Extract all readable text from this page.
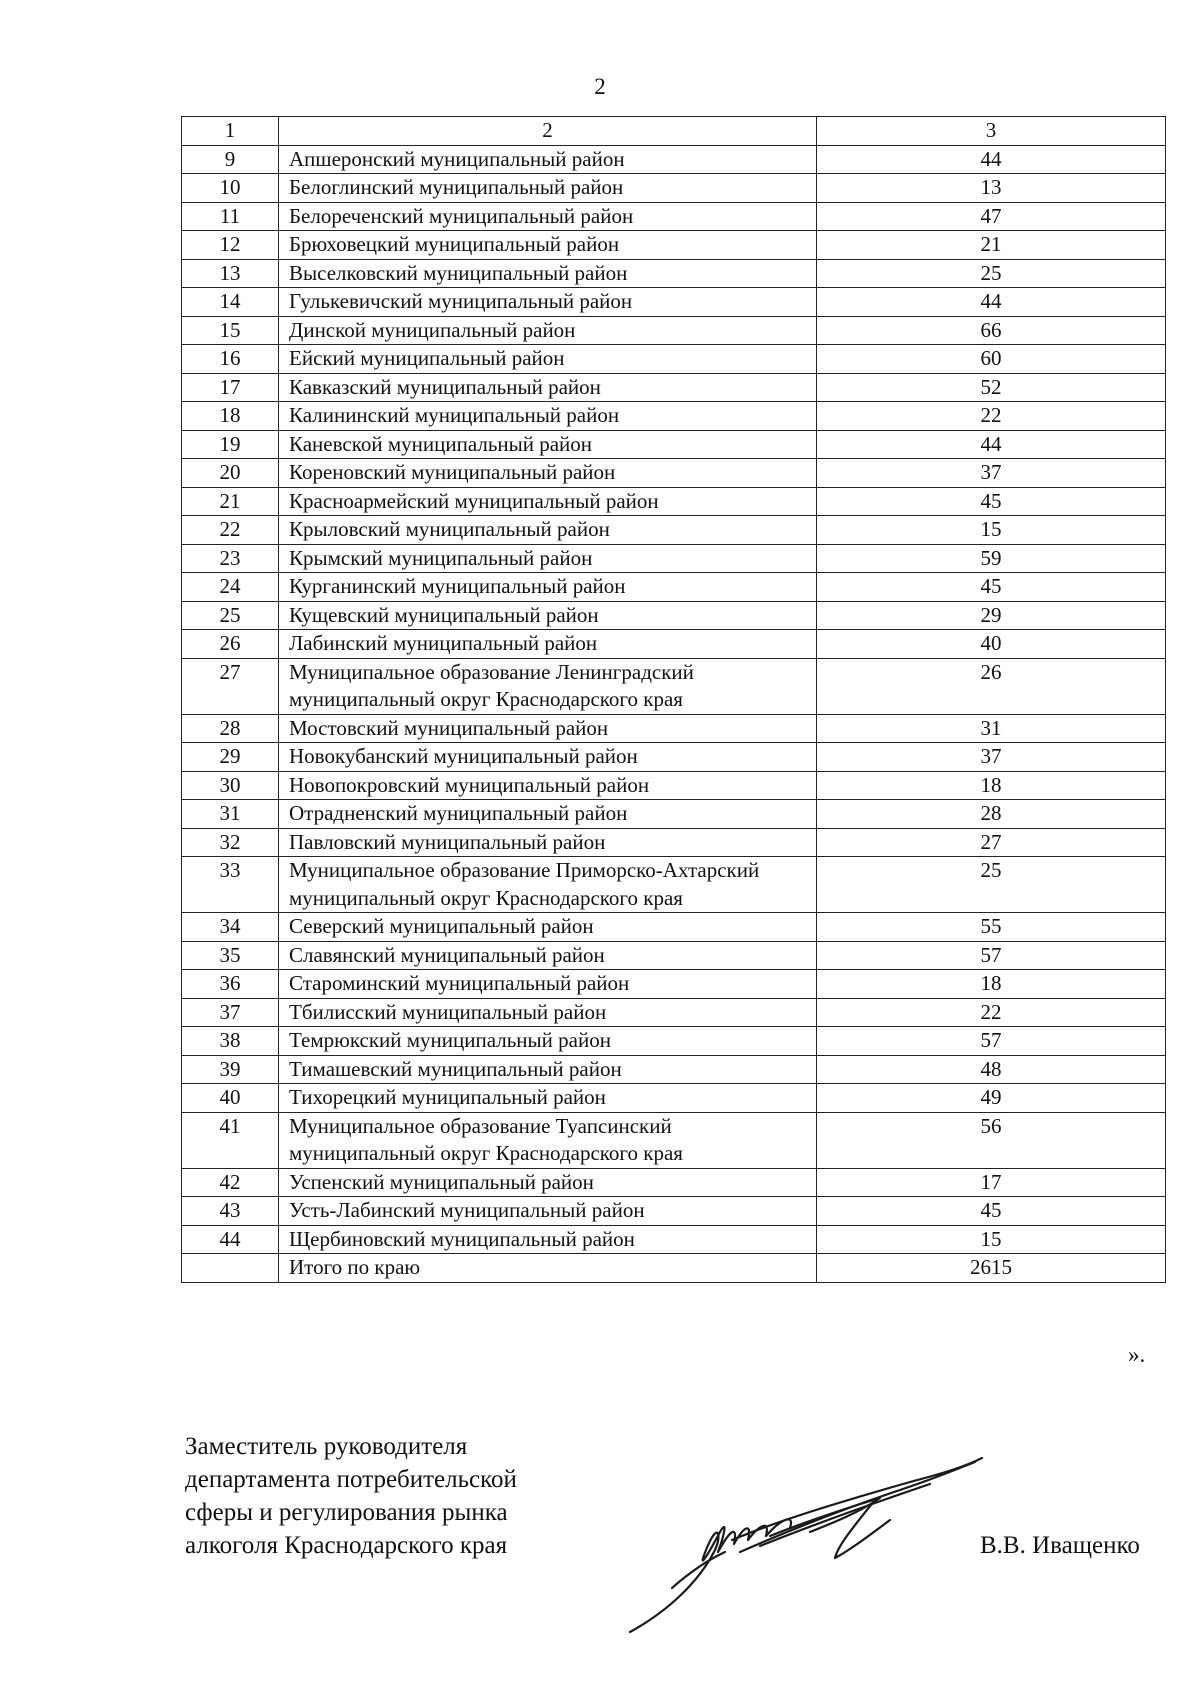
2
1	2	3
9	Апшеронский муниципальный район	44
10	Белоглинский муниципальный район	13
11	Белореченский муниципальный район	47
12	Брюховецкий муниципальный район	21
13	Выселковский муниципальный район	25
14	Гулькевичский муниципальный район	44
15	Динской муниципальный район	66
16	Ейский муниципальный район	60
17	Кавказский муниципальный район	52
18	Калининский муниципальный район	22
19	Каневской муниципальный район	44
20	Кореновский муниципальный район	37
21	Красноармейский муниципальный район	45
22	Крыловский муниципальный район	15
23	Крымский муниципальный район	59
24	Курганинский муниципальный район	45
25	Кущевский муниципальный район	29
26	Лабинский муниципальный район	40
27	Муниципальное образование Ленинградский муниципальный округ Краснодарского края	26
28	Мостовский муниципальный район	31
29	Новокубанский муниципальный район	37
30	Новопокровский муниципальный район	18
31	Отрадненский муниципальный район	28
32	Павловский муниципальный район	27
33	Муниципальное образование Приморско-Ахтарский муниципальный округ Краснодарского края	25
34	Северский муниципальный район	55
35	Славянский муниципальный район	57
36	Староминский муниципальный район	18
37	Тбилисский муниципальный район	22
38	Темрюкский муниципальный район	57
39	Тимашевский муниципальный район	48
40	Тихорецкий муниципальный район	49
41	Муниципальное образование Туапсинский муниципальный округ Краснодарского края	56
42	Успенский муниципальный район	17
43	Усть-Лабинский муниципальный район	45
44	Щербиновский муниципальный район	15
	Итого по краю	2615
».
Заместитель руководителя
департамента потребительской
сферы и регулирования рынка
алкоголя Краснодарского края	В.В. Иващенко
